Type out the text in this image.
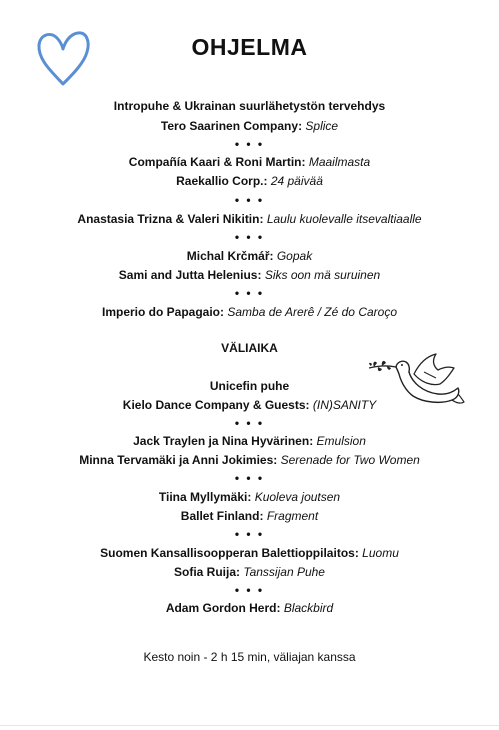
OHJELMA
Intropuhe & Ukrainan suurlähetystön tervehdys
Tero Saarinen Company: Splice
• • •
Compañía Kaari & Roni Martin: Maailmasta
Raekallio Corp.: 24 päivää
• • •
Anastasia Trizna & Valeri Nikitin: Laulu kuolevalle itsevaltiaalle
• • •
Michal Krčmář: Gopak
Sami and Jutta Helenius: Siks oon mä suruinen
• • •
Imperio do Papagaio: Samba de Arerê / Zé do Caroço
VÄLIAIKA
Unicefin puhe
Kielo Dance Company & Guests: (IN)SANITY
• • •
Jack Traylen ja Nina Hyvärinen: Emulsion
Minna Tervamäki ja Anni Jokimies: Serenade for Two Women
• • •
Tiina Myllymäki: Kuoleva joutsen
Ballet Finland: Fragment
• • •
Suomen Kansallisoopperan Balettioppilaitos: Luomu
Sofia Ruija: Tanssijan Puhe
• • •
Adam Gordon Herd: Blackbird
Kesto noin - 2 h 15 min, väliajan kanssa
